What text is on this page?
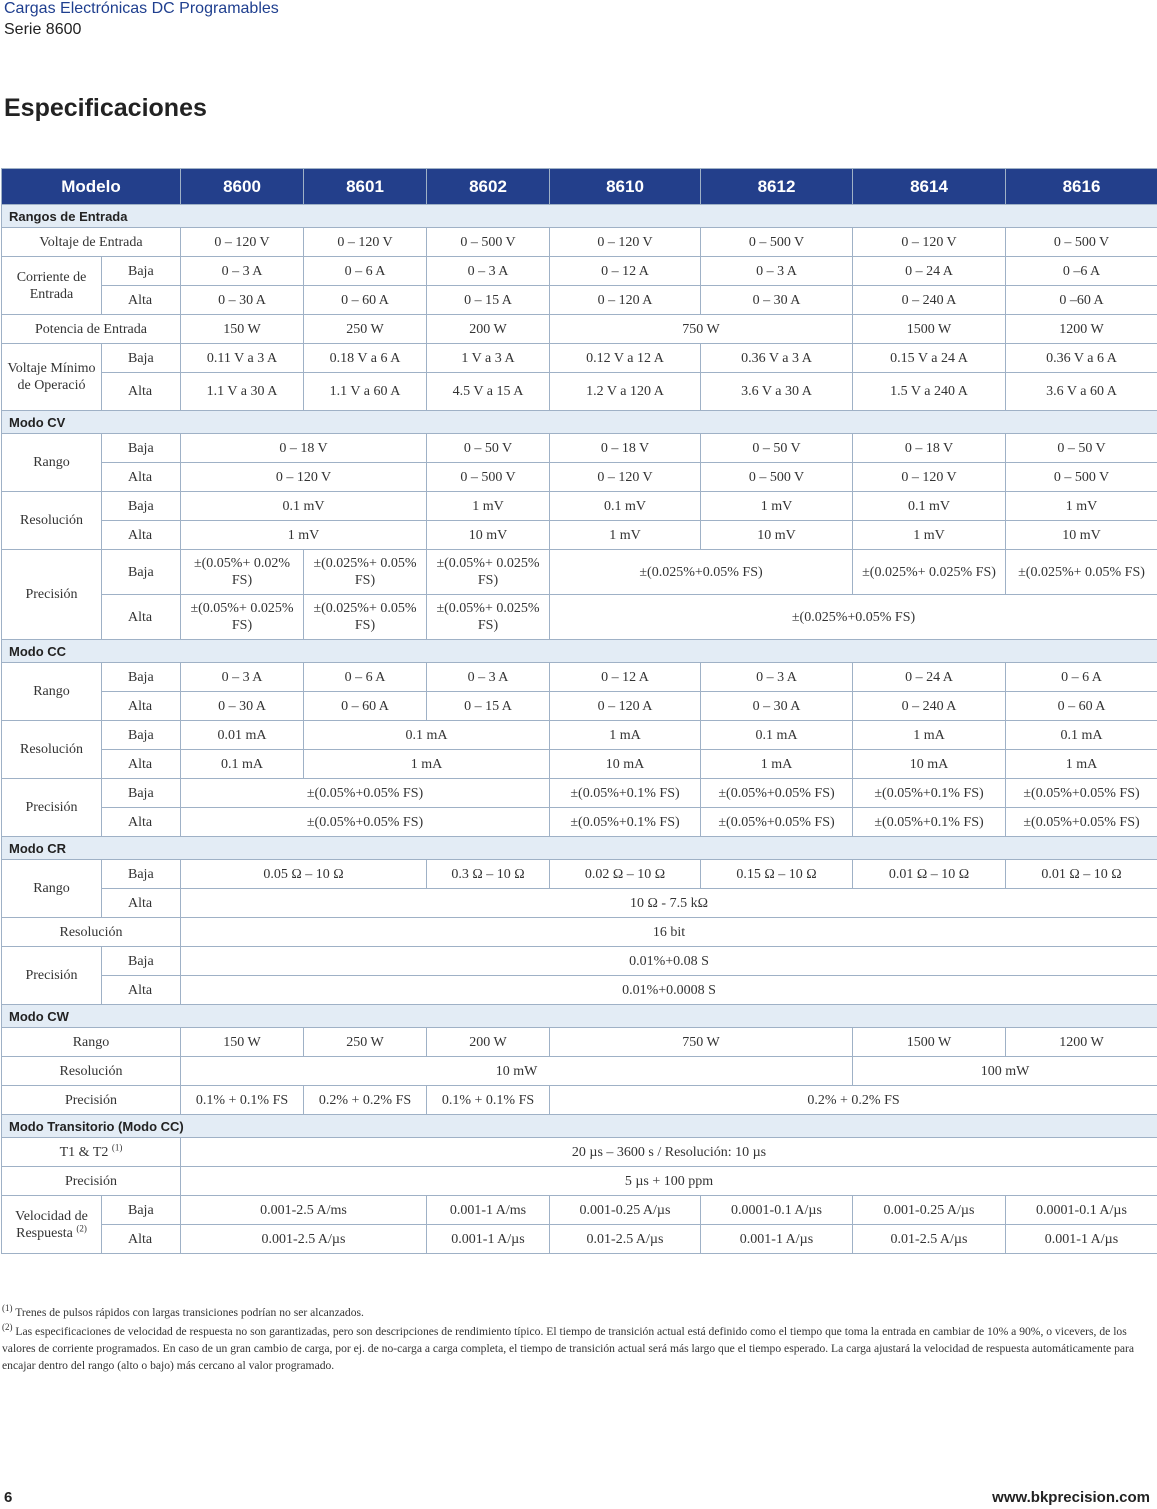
Cargas Electrónicas DC Programables
Serie 8600
Especificaciones
Modelo		8600	8601	8602	8610	8612	8614	8616
Rangos de Entrada								
Voltaje de Entrada		0 – 120 V	0 – 120 V	0 – 500 V	0 – 120 V	0 – 500 V	0 – 120 V	0 – 500 V
Corriente de Entrada	Baja	0 – 3 A	0 – 6 A	0 – 3 A	0 – 12 A	0 – 3 A	0 – 24 A	0 –6 A
	Alta	0 – 30 A	0 – 60 A	0 – 15 A	0 – 120 A	0 – 30 A	0 – 240 A	0 –60 A
Potencia de Entrada		150 W	250 W	200 W	750 W		1500 W	1200 W
Voltaje Mínimo de Operació	Baja	0.11 V a 3 A	0.18 V a 6 A	1 V a 3 A	0.12 V a 12 A	0.36 V a 3 A	0.15 V a 24 A	0.36 V a 6 A
	Alta	1.1 V a 30 A	1.1 V a 60 A	4.5 V a 15 A	1.2 V a 120 A	3.6 V a 30 A	1.5 V a 240 A	3.6 V a 60 A
Modo CV								
Rango	Baja	0 – 18 V		0 – 50 V	0 – 18 V	0 – 50 V	0 – 18 V	0 – 50 V
	Alta	0 – 120 V		0 – 500 V	0 – 120 V	0 – 500 V	0 – 120 V	0 – 500 V
Resolución	Baja	0.1 mV		1 mV	0.1 mV	1 mV	0.1 mV	1 mV
	Alta	1 mV		10 mV	1 mV	10 mV	1 mV	10 mV
Precisión	Baja	±(0.05%+ 0.02% FS)	±(0.025%+ 0.05% FS)	±(0.05%+ 0.025% FS)	±(0.025%+0.05% FS)		±(0.025%+ 0.025% FS)	±(0.025%+ 0.05% FS)
	Alta	±(0.05%+ 0.025% FS)	±(0.025%+ 0.05% FS)	±(0.05%+ 0.025% FS)	±(0.025%+0.05% FS)			
Modo CC								
Rango	Baja	0 – 3 A	0 – 6 A	0 – 3 A	0 – 12 A	0 – 3 A	0 – 24 A	0 – 6 A
	Alta	0 – 30 A	0 – 60 A	0 – 15 A	0 – 120 A	0 – 30 A	0 – 240 A	0 – 60 A
Resolución	Baja	0.01 mA	0.1 mA		1 mA	0.1 mA	1 mA	0.1 mA
	Alta	0.1 mA	1 mA		10 mA	1 mA	10 mA	1 mA
Precisión	Baja	±(0.05%+0.05% FS)			±(0.05%+0.1% FS)	±(0.05%+0.05% FS)	±(0.05%+0.1% FS)	±(0.05%+0.05% FS)
	Alta	±(0.05%+0.05% FS)			±(0.05%+0.1% FS)	±(0.05%+0.05% FS)	±(0.05%+0.1% FS)	±(0.05%+0.05% FS)
Modo CR								
Rango	Baja	0.05 Ω – 10 Ω		0.3 Ω – 10 Ω	0.02 Ω – 10 Ω	0.15 Ω – 10 Ω	0.01 Ω – 10 Ω	0.01 Ω – 10 Ω
	Alta	10 Ω - 7.5 kΩ						
Resolución		16 bit						
Precisión	Baja	0.01%+0.08 S						
	Alta	0.01%+0.0008 S						
Modo CW								
Rango		150 W	250 W	200 W	750 W		1500 W	1200 W
Resolución		10 mW					100 mW	
Precisión		0.1% + 0.1% FS	0.2% + 0.2% FS	0.1% + 0.1% FS	0.2% + 0.2% FS			
Modo Transitorio (Modo CC)								
T1 & T2 $^{(1)}$		20 µs – 3600 s / Resolución: 10 µs						
Precisión		5 µs + 100 ppm						
Velocidad de Respuesta $^{(2)}$	Baja	0.001-2.5 A/ms		0.001-1 A/ms	0.001-0.25 A/µs	0.0001-0.1 A/µs	0.001-0.25 A/µs	0.0001-0.1 A/µs
	Alta	0.001-2.5 A/µs		0.001-1 A/µs	0.01-2.5 A/µs	0.001-1 A/µs	0.01-2.5 A/µs	0.001-1 A/µs
$^{(1)}$ Trenes de pulsos rápidos con largas transiciones podrían no ser alcanzados.
$^{(2)}$ Las especificaciones de velocidad de respuesta no son garantizadas, pero son descripciones de rendimiento típico. El tiempo de transición actual está definido como el tiempo que toma la entrada en cambiar de 10% a 90%, o vicevers, de los valores de corriente programados. En caso de un gran cambio de carga, por ej. de no-carga a carga completa, el tiempo de transición actual será más largo que el tiempo esperado. La carga ajustará la velocidad de respuesta automáticamente para encajar dentro del rango (alto o bajo) más cercano al valor programado.
6	www.bkprecision.com
